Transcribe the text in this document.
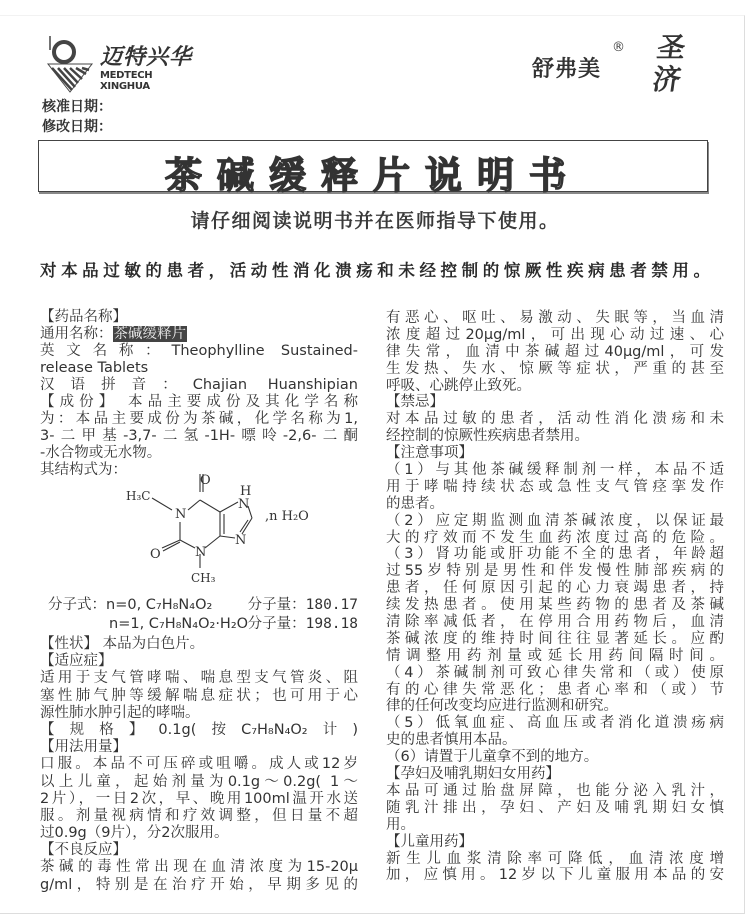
迈特兴华
MEDTECH XINGHUA
舒弗美
® 圣济
核准日期：
修改日期：
茶碱缓释片说明书
请仔细阅读说明书并在医师指导下使用。
对本品过敏的患者，活动性消化溃疡和未经控制的惊厥性疾病患者禁用。
【药品名称】
通用名称：茶碱缓释片
英文名称：Theophylline Sustained-
release Tablets
汉语拼音：Chajian Huanshipian
【成份】 本品主要成份及其化学名称
为：本品主要成份为茶碱，化学名称为1,
3-二甲基-3,7-二氢-1H-嘌呤-2,6-二酮
-水合物或无水物。
其结构式为：
O
H₃C
N
H
N
,n H₂O
N
O	N
CH₃
分子式：n=0, C₇H₈N₄O₂ 分子量：180.17
n=1, C₇H₈N₄O₂·H₂O 分子量：198.18
【性状】 本品为白色片。
【适应症】
适用于支气管哮喘、喘息型支气管炎、阻
塞性肺气肿等缓解喘息症状；也可用于心
源性肺水肿引起的哮喘。
【规格】0.1g(按C₇H₈N₄O₂计)
【用法用量】
口服。本品不可压碎或咀嚼。成人或12岁
以上儿童，起始剂量为0.1g～0.2g( 1～
2片），一日2次，早、晚用100ml温开水送
服。剂量视病情和疗效调整，但日量不超
过0.9g（9片），分2次服用。
【不良反应】
茶碱的毒性常出现在血清浓度为15-20μ
g/ml，特别是在治疗开始，早期多见的
有恶心、呕吐、易激动、失眠等，当血清
浓度超过20μg/ml，可出现心动过速、心
律失常，血清中茶碱超过40μg/ml，可发
生发热、失水、惊厥等症状，严重的甚至
呼吸、心跳停止致死。
【禁忌】
对本品过敏的患者，活动性消化溃疡和未
经控制的惊厥性疾病患者禁用。
【注意事项】
（1）与其他茶碱缓释制剂一样，本品不适
用于哮喘持续状态或急性支气管痉挛发作
的患者。
（2）应定期监测血清茶碱浓度，以保证最
大的疗效而不发生血药浓度过高的危险。
（3）肾功能或肝功能不全的患者，年龄超
过55岁特别是男性和伴发慢性肺部疾病的
患者，任何原因引起的心力衰竭患者，持
续发热患者。使用某些药物的患者及茶碱
清除率减低者，在停用合用药物后，血清
茶碱浓度的维持时间往往显著延长。应酌
情调整用药剂量或延长用药间隔时间。
（4）茶碱制剂可致心律失常和（或）使原
有的心律失常恶化；患者心率和（或）节
律的任何改变均应进行监测和研究。
（5）低氧血症、高血压或者消化道溃疡病
史的患者慎用本品。
（6）请置于儿童拿不到的地方。
【孕妇及哺乳期妇女用药】
本品可通过胎盘屏障，也能分泌入乳汁，
随乳汁排出，孕妇、产妇及哺乳期妇女慎
用。
【儿童用药】
新生儿血浆清除率可降低，血清浓度增
加，应慎用。12岁以下儿童服用本品的安
